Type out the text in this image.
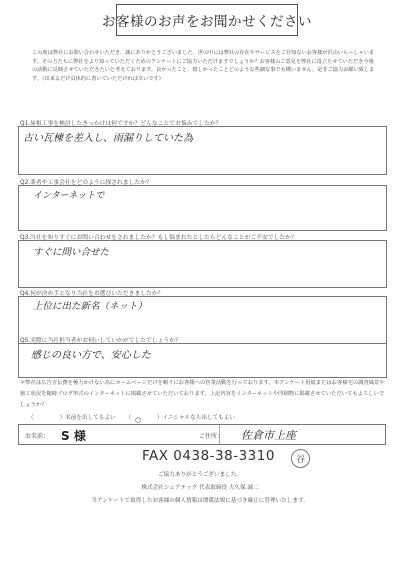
お客様のお声をお聞かせください
この度は弊社にお問い合わせいただき、誠にありがとうございました。世の中には弊社の存在やサービスをご存知ないお客様が沢山いらっしゃいます。その方たちに弊社をより知っていただくためのアンケートにご協力いただけますでしょうか？お客様のご意見を弊社に役立たせていただき今後の活動に反映させていただきたいと考えております。良かったこと、嬉しかったことどのような些細な事でも構いません。是非ご協力お願い致します。（出来るだけ具体的に書いていただければ幸いです）
Q1.屋根工事を検討したきっかけは何ですか？どんなことでお悩みでしたか？
古い瓦棟を差入し、雨漏りしていた為
Q2.業者や工事会社をどのように探されましたか？
インターネットで
Q3.当社を知りすぐにお問い合わせをされましたか？もし悩まれたとしたらどんなことがご不安でしたか？
すぐに問い合せた
Q4.何が決め手となり当社をお選びいただきましたか？
上位に出た新名（ネット）
Q5.実際に当社担当者がお伺いしていかがでしたでしょうか？
感じの良い方で、安心した
＊弊社は広告宣伝費を極力かけない為にホームページだけを頼りにお客様への営業活動を行っております。本アンケート用紙またはお客様宅の調査風景や施工状況を随時ブログ形式のインターネットに掲載させていただいております。上記内容をインターネットや印刷物に掲載させていただいてもよろしいでしょうか？
（	）名前を出してもよい （ ○	）イニシャルなら出してもよい
お名前： S 様	ご住所： 佐倉市上座
FAX 0438-38-3310	谷
ご協力ありがとうございました。
株式会社シェアテック 代表取締役 大久保 誠二
当アンケートで取得したお客様の個人情報は関係法規に基づき厳正に管理いたします。
